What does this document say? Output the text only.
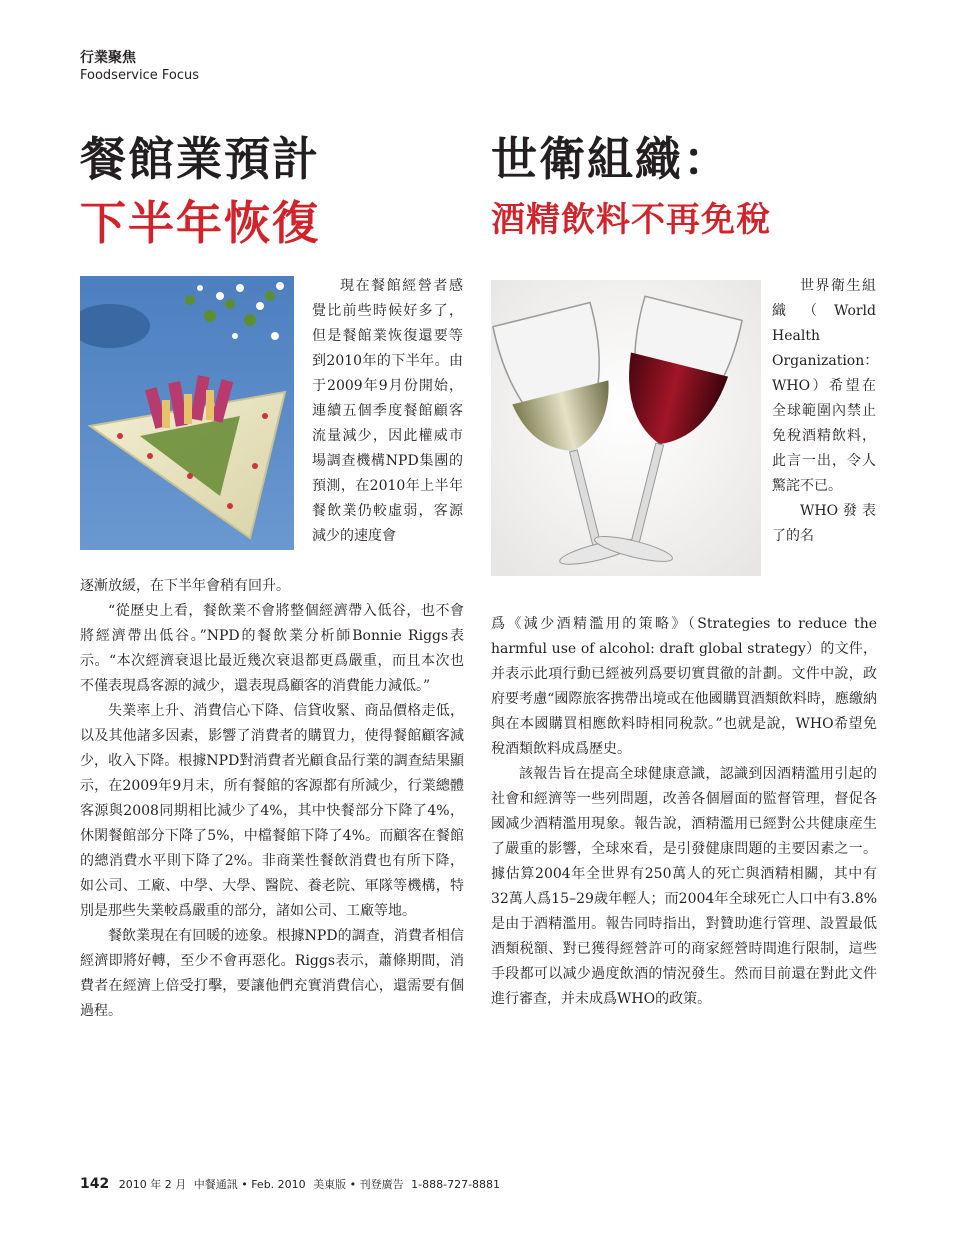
行業聚焦
Foodservice Focus
餐館業預計
下半年恢復
世衛組織：
酒精飲料不再免稅

現在餐館經營者感覺比前些時候好多了，但是餐館業恢復還要等到2010年的下半年。由于2009年9月份開始，連續五個季度餐館顧客流量減少，因此權威市場調查機構NPD集團的預測，在2010年上半年餐飲業仍較虛弱，客源減少的速度會

逐漸放緩，在下半年會稍有回升。

“從歷史上看，餐飲業不會將整個經濟帶入低谷，也不會將經濟帶出低谷。”NPD的餐飲業分析師Bonnie Riggs表示。“本次經濟衰退比最近幾次衰退都更爲嚴重，而且本次也不僅表現爲客源的減少，還表現爲顧客的消費能力減低。”

失業率上升、消費信心下降、信貸收緊、商品價格走低，以及其他諸多因素，影響了消費者的購買力，使得餐館顧客減少，收入下降。根據NPD對消費者光顧食品行業的調查結果顯示，在2009年9月末，所有餐館的客源都有所減少，行業總體客源與2008同期相比減少了4%，其中快餐部分下降了4%，休閑餐館部分下降了5%，中檔餐館下降了4%。而顧客在餐館的總消費水平則下降了2%。非商業性餐飲消費也有所下降，如公司、工廠、中學、大學、醫院、養老院、軍隊等機構，特別是那些失業較爲嚴重的部分，諸如公司、工廠等地。

餐飲業現在有回暖的迹象。根據NPD的調查，消費者相信經濟即將好轉，至少不會再惡化。Riggs表示，蕭條期間，消費者在經濟上倍受打擊，要讓他們充實消費信心，還需要有個過程。

世界衛生組織（World Health Organization：WHO）希望在全球範圍內禁止免稅酒精飲料，此言一出，令人驚詫不已。

WHO發表了的名

爲《減少酒精濫用的策略》（Strategies to reduce the harmful use of alcohol: draft global strategy）的文件，并表示此項行動已經被列爲要切實貫徹的計劃。文件中說，政府要考慮“國際旅客携帶出境或在他國購買酒類飲料時，應繳納與在本國購買相應飲料時相同稅款。”也就是說，WHO希望免稅酒類飲料成爲歷史。

該報告旨在提高全球健康意識，認識到因酒精濫用引起的社會和經濟等一些列問題，改善各個層面的監督管理，督促各國减少酒精濫用現象。報告說，酒精濫用已經對公共健康産生了嚴重的影響，全球來看，是引發健康問題的主要因素之一。據估算2004年全世界有250萬人的死亡與酒精相關，其中有32萬人爲15–29歲年輕人；而2004年全球死亡人口中有3.8%是由于酒精濫用。報告同時指出，對贊助進行管理、設置最低酒類税額、對已獲得經營許可的商家經營時間進行限制，這些手段都可以减少過度飲酒的情況發生。然而目前還在對此文件進行審查，并未成爲WHO的政策。

142 2010 年 2 月 中餐通訊 • Feb. 2010 美東版 • 刊登廣告 1-888-727-8881
